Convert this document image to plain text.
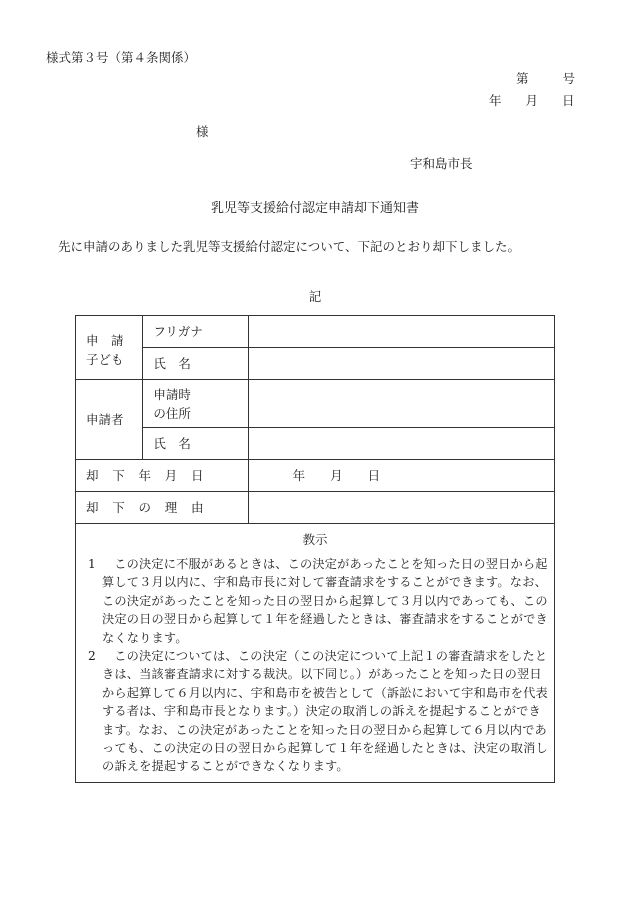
様式第３号（第４条関係）
第	号
年 月 日
様
宇和島市長
乳児等支援給付認定申請却下通知書
先に申請のありました乳児等支援給付認定について、下記のとおり却下しました。
記
申　請
子ども	フリガナ	
	氏　名	
申請者	申請時
の住所	
	氏　名	
却下年月日		年　　月　　日
却下の理由		
教示		

1 この決定に不服があるときは、この決定があったことを知った日の翌日から起算して３月以内に、宇和島市長に対して審査請求をすることができます。なお、この決定があったことを知った日の翌日から起算して３月以内であっても、この決定の日の翌日から起算して１年を経過したときは、審査請求をすることができなくなります。
2 この決定については、この決定（この決定について上記１の審査請求をしたときは、当該審査請求に対する裁決。以下同じ。）があったことを知った日の翌日から起算して６月以内に、宇和島市を被告として（訴訟において宇和島市を代表する者は、宇和島市長となります。）決定の取消しの訴えを提起することができます。なお、この決定があったことを知った日の翌日から起算して６月以内であっても、この決定の日の翌日から起算して１年を経過したときは、決定の取消しの訴えを提起することができなくなります。		
